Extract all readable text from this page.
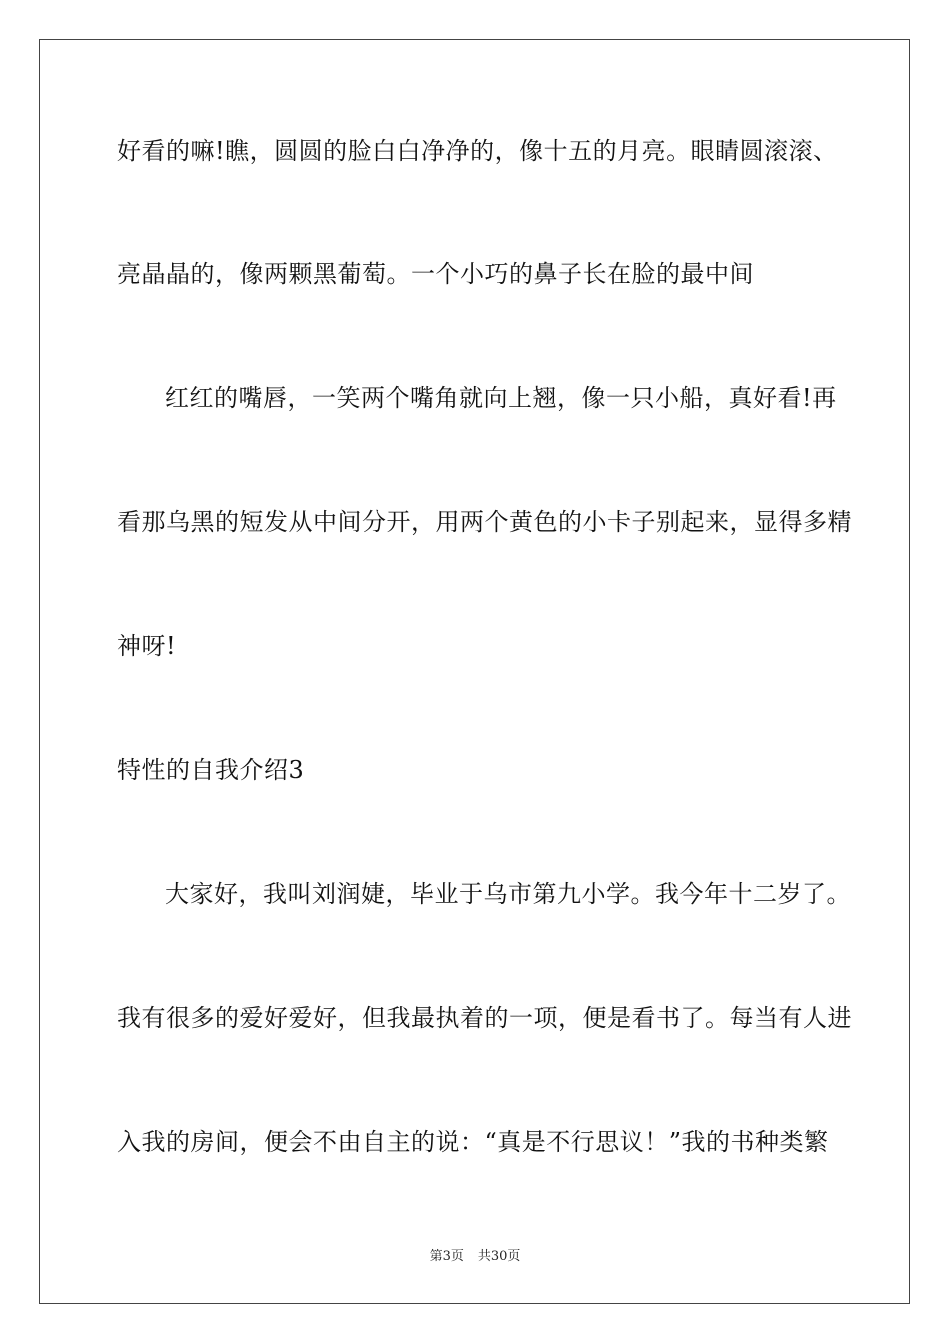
好看的嘛!瞧，圆圆的脸白白净净的，像十五的月亮。眼睛圆滚滚、
亮晶晶的，像两颗黑葡萄。一个小巧的鼻子长在脸的最中间
红红的嘴唇，一笑两个嘴角就向上翘，像一只小船，真好看!再
看那乌黑的短发从中间分开，用两个黄色的小卡子别起来，显得多精
神呀!
特性的自我介绍3
大家好，我叫刘润婕，毕业于乌市第九小学。我今年十二岁了。
我有很多的爱好爱好，但我最执着的一项，便是看书了。每当有人进
入我的房间，便会不由自主的说：“真是不行思议！”我的书种类繁
第3页 共30页
